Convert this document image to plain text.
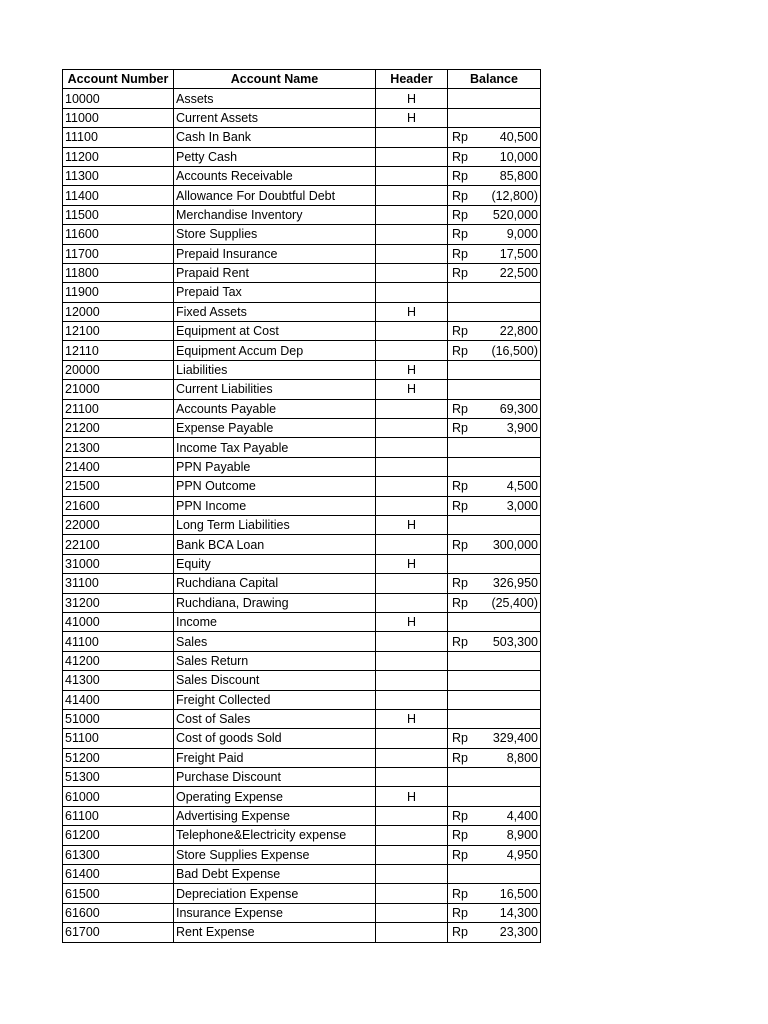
Account Number	Account Name	Header	Balance
10000	Assets	H	

11000	Current Assets	H	

11100	Cash In Bank		Rp 40,500

11200	Petty Cash		Rp 10,000

11300	Accounts Receivable		Rp 85,800

11400	Allowance For Doubtful Debt		Rp (12,800)

11500	Merchandise Inventory		Rp 520,000

11600	Store Supplies		Rp 9,000

11700	Prepaid Insurance		Rp 17,500

11800	Prapaid Rent		Rp 22,500

11900	Prepaid Tax		

12000	Fixed Assets	H	

12100	Equipment at Cost		Rp 22,800

12110	Equipment Accum Dep		Rp (16,500)

20000	Liabilities	H	

21000	Current Liabilities	H	

21100	Accounts Payable		Rp 69,300

21200	Expense Payable		Rp 3,900

21300	Income Tax Payable		

21400	PPN Payable		

21500	PPN Outcome		Rp 4,500

21600	PPN Income		Rp 3,000

22000	Long Term Liabilities	H	

22100	Bank BCA Loan		Rp 300,000

31000	Equity	H	

31100	Ruchdiana Capital		Rp 326,950

31200	Ruchdiana, Drawing		Rp (25,400)

41000	Income	H	

41100	Sales		Rp 503,300

41200	Sales Return		

41300	Sales Discount		

41400	Freight Collected		

51000	Cost of Sales	H	

51100	Cost of goods Sold		Rp 329,400

51200	Freight Paid		Rp 8,800

51300	Purchase Discount		

61000	Operating Expense	H	

61100	Advertising Expense		Rp 4,400

61200	Telephone&Electricity expense		Rp 8,900

61300	Store Supplies Expense		Rp 4,950

61400	Bad Debt Expense		

61500	Depreciation Expense		Rp 16,500

61600	Insurance Expense		Rp 14,300

61700	Rent Expense		Rp 23,300
